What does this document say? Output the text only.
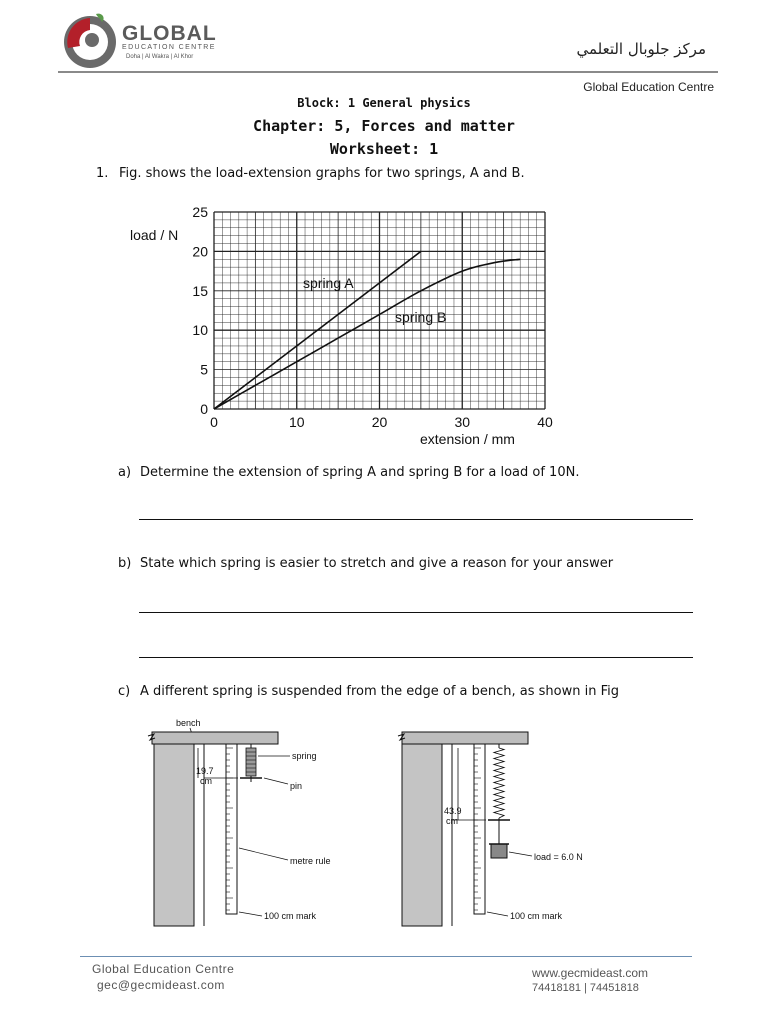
GLOBAL
EDUCATION CENTRE
Doha | Al Wakra | Al Khor	مركز جلوبال التعلمي
Global Education Centre
Block: 1 General physics
Chapter: 5, Forces and matter
Worksheet: 1
1. Fig. shows the load-extension graphs for two springs, A and B.
0	10	20	30	40
0
5
10
15
20
25
load / N
extension / mm
spring A
spring B
a) Determine the extension of spring A and spring B for a load of 10N.
b) State which spring is easier to stretch and give a reason for your answer
c) A different spring is suspended from the edge of a bench, as shown in Fig
bench
19.7
cm
spring
pin
metre rule
100 cm mark
43.9
cm
load = 6.0 N
100 cm mark
Global Education Centre
gec@gecmideast.com
www.gecmideast.com
74418181 | 74451818
